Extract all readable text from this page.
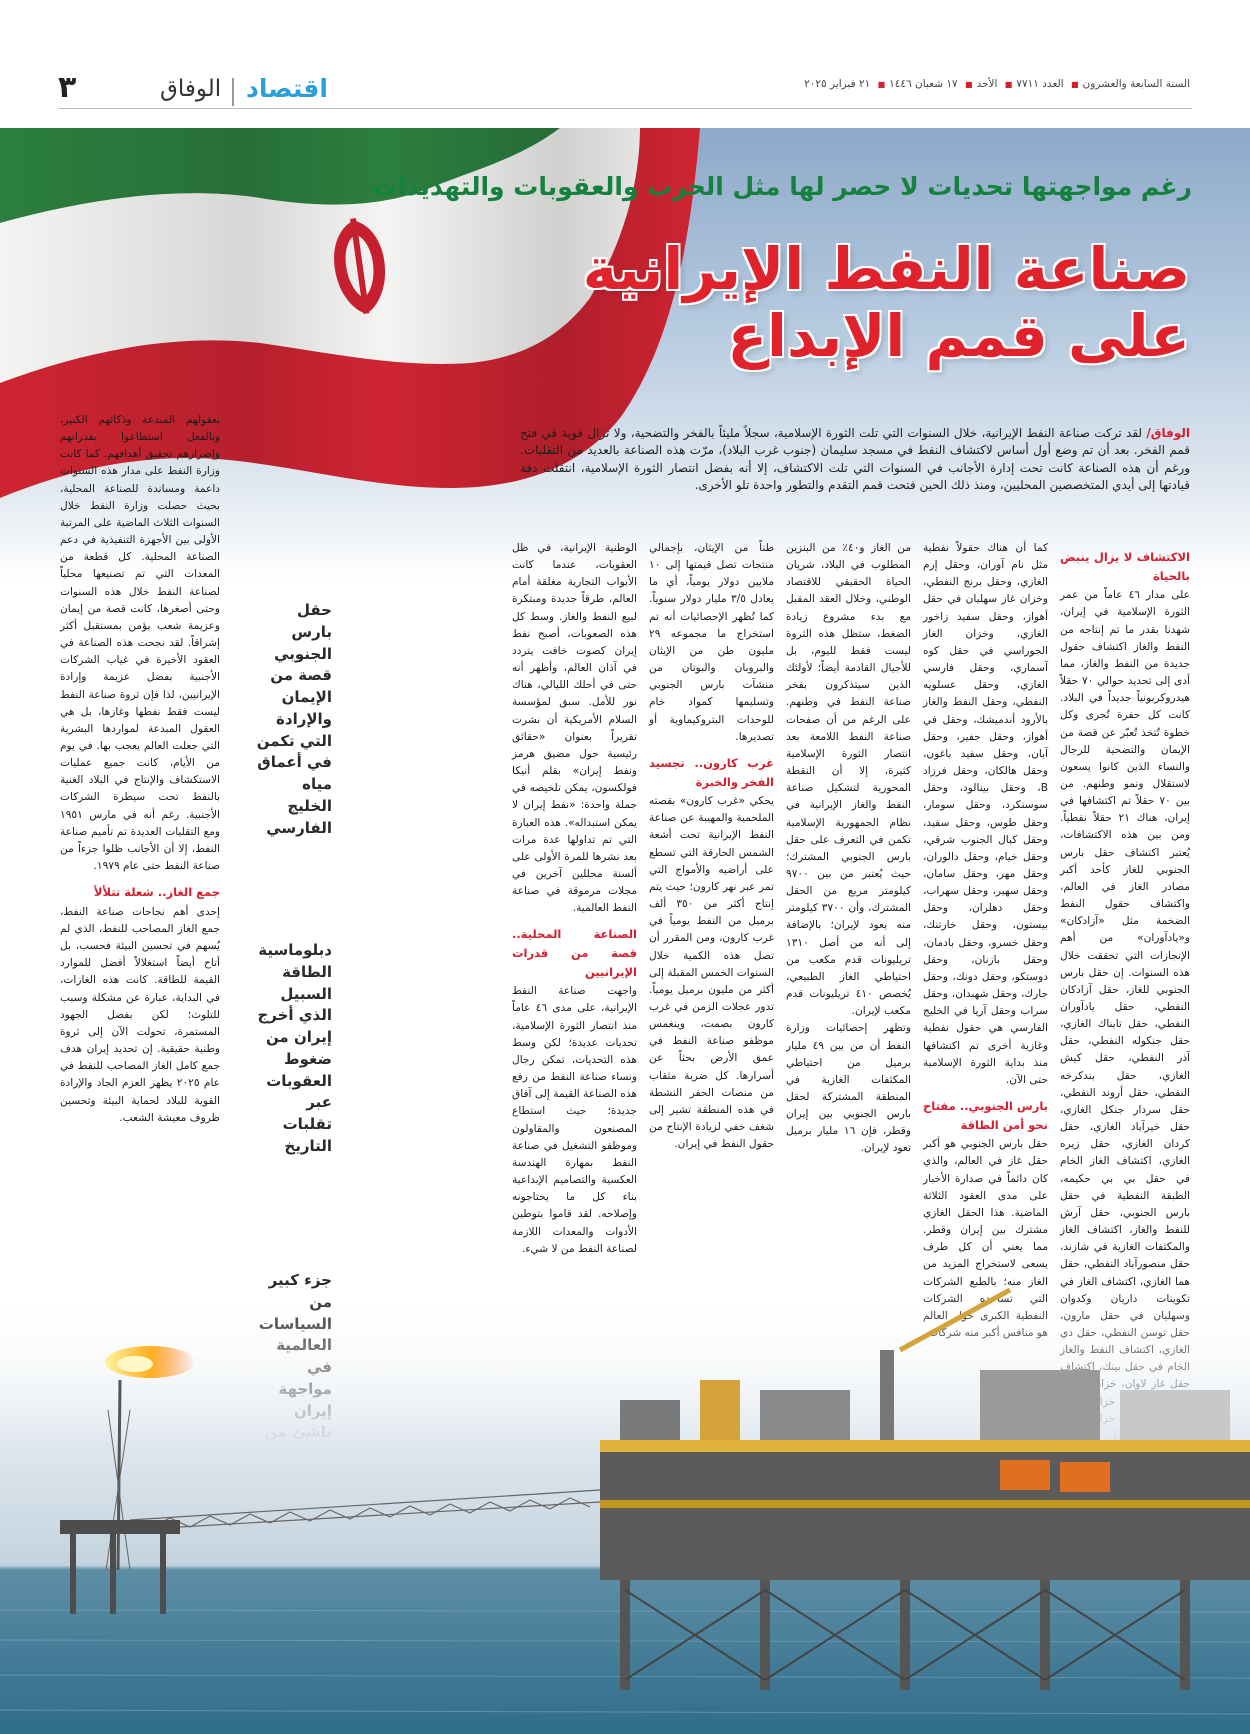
٣	الوفاق اقتصاد	السنة السابعة والعشرون■ العدد ٧٧١١■ الأحد■ ١٧ شعبان ١٤٤٦■ ٢١ فبراير ٢٠٢٥
رغم مواجهتها تحديات لا حصر لها مثل الحرب والعقوبات والتهديدات
صناعة النفط الإيرانية
على قمم الإبداع
الوفاق/ لقد تركت صناعة النفط الإيرانية، خلال السنوات التي تلت الثورة الإسلامية، سجلاً مليئاً بالفخر والتضحية، ولا تزال قوية في فتح قمم الفخر. بعد أن تم وضع أول أساس لاكتشاف النفط في مسجد سليمان (جنوب غرب البلاد)، مرّت هذه الصناعة بالعديد من التقلبات. ورغم أن هذه الصناعة كانت تحت إدارة الأجانب في السنوات التي تلت الاكتشاف، إلا أنه بفضل انتصار الثورة الإسلامية، انتقلت دفة قيادتها إلى أيدي المتخصصين المحليين، ومنذ ذلك الحين فتحت قمم التقدم والتطور واحدة تلو الأخرى.
الاكتشاف لا يزال ينبض بالحياة

على مدار ٤٦ عاماً من عمر الثورة الإسلامية في إيران، شهدنا بقدر ما تم إنتاجه من النفط والغاز اكتشاف حقول جديدة من النفط والغاز، مما أدى إلى تحديد حوالي ٧٠ حقلاً هيدروكربونياً جديداً في البلاد. كانت كل حفرة تُجرى وكل خطوة تُتخذ تُعبّر عن قصة من الإيمان والتضحية للرجال والنساء الذين كانوا يسعون لاستقلال ونمو وطنهم. من بين ٧٠ حقلاً تم اكتشافها في إيران، هناك ٢١ حقلاً نفطياً. ومن بين هذه الاكتشافات، يُعتبر اكتشاف حقل بارس الجنوبي للغاز كأحد أكبر مصادر الغاز في العالم، واكتشاف حقول النفط الضخمة مثل «آزادكان» و«يادآوران» من أهم الإنجازات التي تحققت خلال هذه السنوات. إن حقل بارس الجنوبي للغاز، حقل آزادكان النفطي، حقل يادآوران النفطي، حقل تابناك الغازي، حقل جنكوله النفطي، حقل آذر النفطي، حقل كيش الغازي، حقل بندكرخه النفطي، حقل أروند النفطي، حقل سردار جنكل الغازي، حقل خيرآباد الغازي، حقل كردان الغازي، حقل زيره الغازي، اكتشاف الغاز الخام في حقل بي بي حكيمه، الطبقة النفطية في حقل بارس الجنوبي، حقل آرش للنفط والغاز، اكتشاف الغاز والمكثفات الغازية في شازند، حقل منصورآباد النفطي، حقل هما الغازي، اكتشاف الغاز في

كما أن هناك حقولاً نفطية مثل نام آوران، وحقل إرم الغازي، وحقل برنج النفطي، وخزان غاز سهليان في حقل أهواز، وحقل سفيد زاخور الغازي، وخزان الغاز الجوراسي في حقل كوه آسماري، وحقل فارسي الغازي، وحقل عسلويه النفطي، وحقل النفط والغاز بالأرود أندميشك، وحقل في أهواز، وحقل جفير، وحقل آبان، وحقل سفيد باغون، وحقل هالكان، وحقل فرزاد B، وحقل بينالود، وحقل سوسنكرد، وحقل سومار، وحقل طوس، وحقل سفيد، وحقل كبال الجنوب شرقي، وحقل خيام، وحقل دالوران، وحقل مهر، وحقل سامان، وحقل سهير، وحقل سهراب، وحقل دهلران، وحقل بيستون، وحقل خارتنك، وحقل خسرو، وحقل بادمان، وحقل بازنان، وحقل دوستكو، وحقل دونك، وحقل جارك، وحقل شهبدان، وحقل سراب وحقل آريا في الخليج الفارسي هي حقول نفطية وغازية أخرى تم اكتشافها منذ بداية الثورة الإسلامية حتى الآن.

بارس الجنوبي.. مفتاح نحو أمن الطاقة

حقل بارس الجنوبي هو أكبر حقل غاز في العالم، والذي كان دائماً في صدارة الأخبار على مدى العقود الثلاثة الماضية. هذا الحقل الغازي مشترك بين إيران وقطر. مما يعني أن كل طرف يسعى لاستخراج المزيد من الغاز منه؛ بالطبع الشركات

من الغاز و٤٠٪ من البنزين المطلوب في البلاد، شريان الحياة الحقيقي للاقتصاد الوطني، وخلال العقد المقبل مع بدء مشروع زيادة الضغط، ستظل هذه الثروة ليست فقط لليوم، بل للأجيال القادمة أيضاً؛ لأولئك الذين سيتذكرون بفخر صناعة النفط في وطنهم. على الرغم من أن صفحات صناعة النفط اللامعة بعد انتصار الثورة الإسلامية كثيرة، إلا أن النقطة المحورية لتشكيل صناعة النفط والغاز الإيرانية في نظام الجمهورية الإسلامية تكمن في التعرف على حقل بارس الجنوبي المشترك؛ حيث يُعتبر من بين ٩٧٠٠ كيلومتر مربع من الحقل المشترك، وأن ٣٧٠٠ كيلومتر منه يعود لإيران؛ بالإضافة إلى أنه من أصل ١٣١٠ تريليونات قدم مكعب من احتياطي الغاز الطبيعي، يُخصص ٤١٠ تريليونات قدم مكعب لإيران.

وتظهر إحصائيات وزارة النفط أن من بين ٤٩ مليار برميل من احتياطي المكثفات الغازية في المنطقة المشتركة لحقل بارس الجنوبي بين إيران وقطر، فإن ١٦ مليار برميل تعود لإيران.

طناً من الإيثان، بإجمالي منتجات تصل قيمتها إلى ١٠ ملايين دولار يومياً، أي ما يعادل ٣/٥ مليار دولار سنوياً. كما تُظهر الإحصائيات أنه تم استخراج ما مجموعه ٢٩ مليون طن من الإيثان والبروبان والبوتان من منشآت بارس الجنوبي وتسليمها كمواد خام للوحدات البتروكيماوية أو تصديرها.

غرب كارون.. تجسيد الفخر والخبرة

يحكي «غرب كارون» بقصته الملحمية والمهيبة عن صناعة النفط الإيرانية تحت أشعة الشمس الحارقة التي تسطع على أراضيه والأمواج التي تمر عبر نهر كارون؛ حيث يتم إنتاج أكثر من ٣٥٠ ألف برميل من النفط يومياً في غرب كارون، ومن المقرر أن تصل هذه الكمية خلال السنوات الخمس المقبلة إلى أكثر من مليون برميل يومياً. تدور عجلات الزمن في غرب كارون بصمت، وينغمس موظفو صناعة النفط في عمق الأرض بحثاً عن أسرارها. كل ضربة مثقاب من منصات الحفر النشطة في هذه المنطقة تشير إلى شغف خفي لزيادة الإنتاج من حقول النفط في إيران.

الوطنية الإيرانية، في ظل العقوبات، عندما كانت الأبواب التجارية مغلقة أمام العالم، طرقاً جديدة ومبتكرة لبيع النفط والغاز. وسط كل هذه الصعوبات، أصبح نفط إيران كصوت خافت يتردد في آذان العالم، وأظهر أنه حتى في أحلك الليالي، هناك نور للأمل. سبق لمؤسسة السلام الأمريكية أن نشرت تقريراً بعنوان «حقائق رئيسية حول مضيق هرمز ونفط إيران» بقلم أنيكا فولكسون، يمكن تلخيصه في جملة واحدة: «نفط إيران لا يمكن استبداله». هذه العبارة التي تم تداولها عدة مرات بعد نشرها للمرة الأولى على ألسنة محللين آخرين في مجلات مرموقة في صناعة النفط العالمية.

الصناعة المحلية.. قصة من قدرات الإيرانيين

واجهت صناعة النفط الإيرانية، على مدى ٤٦ عاماً منذ انتصار الثورة الإسلامية، تحديات عديدة؛ لكن وسط هذه التحديات، تمكن رجال ونساء صناعة النفط من رفع هذه الصناعة القيمة إلى آفاق جديدة؛ حيث استطاع المصنعون والمقاولون وموظفو التشغيل في صناعة النفط بمهارة الهندسة العكسية والتصاميم الإبداعية بناء كل ما يحتاجونه وإصلاحه. لقد قاموا بتوطين الأدوات والمعدات اللازمة لصناعة النفط من لا شيء.

بعقولهم المبدعة وذكائهم الكبير، وبالفعل استطاعوا بقدراتهم وإصرارهم تحقيق أهدافهم. كما كانت وزارة النفط على مدار هذه السنوات داعمة ومساندة للصناعة المحلية، بحيث حصلت وزارة النفط خلال السنوات الثلاث الماضية على المرتبة الأولى بين الأجهزة التنفيذية في دعم الصناعة المحلية. كل قطعة من المعدات التي تم تصنيعها محلياً لصناعة النفط خلال هذه السنوات وحتى أصغرها، كانت قصة من إيمان وعزيمة شعب يؤمن بمستقبل أكثر إشراقاً. لقد نجحت هذه الصناعة في العقود الأخيرة في غياب الشركات الأجنبية بفضل عزيمة وإرادة الإيرانيين، لذا فإن ثروة صناعة النفط ليست فقط نفطها وغازها، بل هي العقول المبدعة لمواردها البشرية التي جعلت العالم يعجب بها. في يوم من الأيام، كانت جميع عمليات الاستكشاف والإنتاج في البلاد الغنية بالنفط تحت سيطرة الشركات الأجنبية. رغم أنه في مارس ١٩٥١ ومع التقلبات العديدة تم تأميم صناعة النفط، إلا أن الأجانب ظلوا جزءاً من صناعة النفط حتى عام ١٩٧٩.

جمع الغاز.. شعلة تتلألأ

إحدى أهم نجاحات صناعة النفط، جمع الغاز المصاحب للنفط، الذي لم يُسهم في تحسين البيئة فحسب، بل أتاح أيضاً استغلالاً أفضل للموارد القيمة للطاقة. كانت هذه الغازات، في البداية، عبارة عن مشكلة وسبب للتلوث؛ لكن بفضل الجهود المستمرة، تحولت الآن إلى ثروة وطنية حقيقية. إن تحديد إيران هدف جمع كامل الغاز المصاحب للنفط في عام ٢٠٢٥ يظهر العزم الجاد والإرادة القوية للبلاد لحماية البيئة وتحسين ظروف معيشة الشعب.

حقل بارس الجنوبي قصة من الإيمان والإرادة التي تكمن في أعماق مياه الخليج الفارسي
دبلوماسية الطاقة السبيل الذي أخرج إيران من ضغوط العقوبات عبر تقلبات التاريخ
جزء كبير
